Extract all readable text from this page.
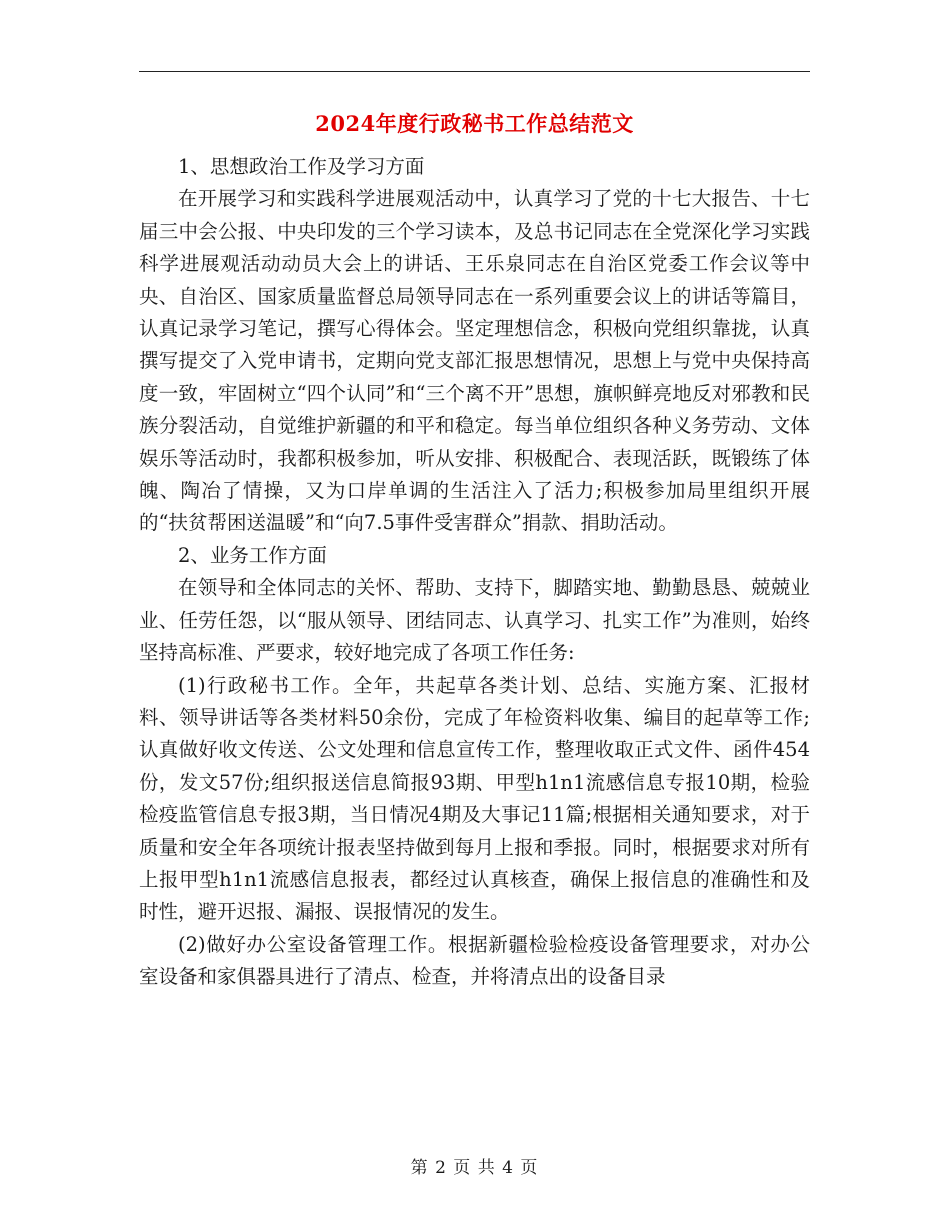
2024年度行政秘书工作总结范文

1、思想政治工作及学习方面

在开展学习和实践科学进展观活动中，认真学习了党的十七大报告、十七届三中会公报、中央印发的三个学习读本，及总书记同志在全党深化学习实践科学进展观活动动员大会上的讲话、王乐泉同志在自治区党委工作会议等中央、自治区、国家质量监督总局领导同志在一系列重要会议上的讲话等篇目，认真记录学习笔记，撰写心得体会。坚定理想信念，积极向党组织靠拢，认真撰写提交了入党申请书，定期向党支部汇报思想情况，思想上与党中央保持高度一致，牢固树立“四个认同”和“三个离不开”思想，旗帜鲜亮地反对邪教和民族分裂活动，自觉维护新疆的和平和稳定。每当单位组织各种义务劳动、文体娱乐等活动时，我都积极参加，听从安排、积极配合、表现活跃，既锻练了体魄、陶冶了情操，又为口岸单调的生活注入了活力;积极参加局里组织开展的“扶贫帮困送温暖”和“向7.5事件受害群众”捐款、捐助活动。

2、业务工作方面

在领导和全体同志的关怀、帮助、支持下，脚踏实地、勤勤恳恳、兢兢业业、任劳任怨，以“服从领导、团结同志、认真学习、扎实工作”为准则，始终坚持高标准、严要求，较好地完成了各项工作任务:

(1)行政秘书工作。全年，共起草各类计划、总结、实施方案、汇报材料、领导讲话等各类材料50余份，完成了年检资料收集、编目的起草等工作;认真做好收文传送、公文处理和信息宣传工作，整理收取正式文件、函件454份，发文57份;组织报送信息简报93期、甲型h1n1流感信息专报10期，检验检疫监管信息专报3期，当日情况4期及大事记11篇;根据相关通知要求，对于质量和安全年各项统计报表坚持做到每月上报和季报。同时，根据要求对所有上报甲型h1n1流感信息报表，都经过认真核查，确保上报信息的准确性和及时性，避开迟报、漏报、误报情况的发生。

(2)做好办公室设备管理工作。根据新疆检验检疫设备管理要求，对办公室设备和家俱器具进行了清点、检查，并将清点出的设备目录

第 2 页 共 4 页
